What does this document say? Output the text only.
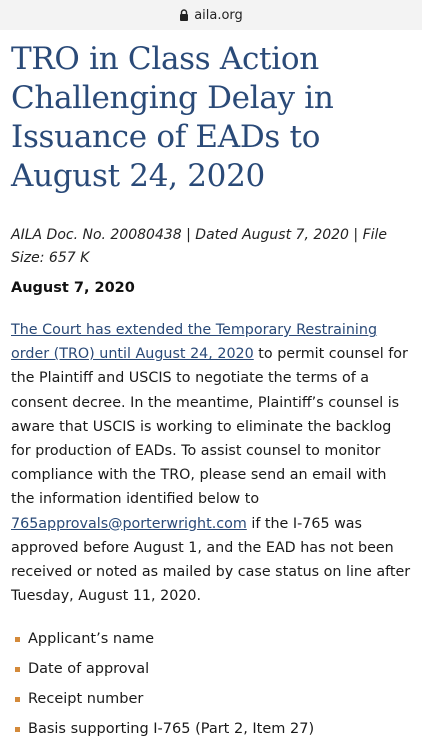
aila.org
TRO in Class Action Challenging Delay in Issuance of EADs to August 24, 2020
AILA Doc. No. 20080438 | Dated August 7, 2020 | File Size: 657 K
August 7, 2020

The Court has extended the Temporary Restraining order (TRO) until August 24, 2020 to permit counsel for the Plaintiff and USCIS to negotiate the terms of a consent decree. In the meantime, Plaintiff’s counsel is aware that USCIS is working to eliminate the backlog for production of EADs. To assist counsel to monitor compliance with the TRO, please send an email with the information identified below to 765approvals@porterwright.com if the I-765 was approved before August 1, and the EAD has not been received or noted as mailed by case status on line after Tuesday, August 11, 2020.

Applicant’s name
Date of approval
Receipt number
Basis supporting I-765 (Part 2, Item 27)
